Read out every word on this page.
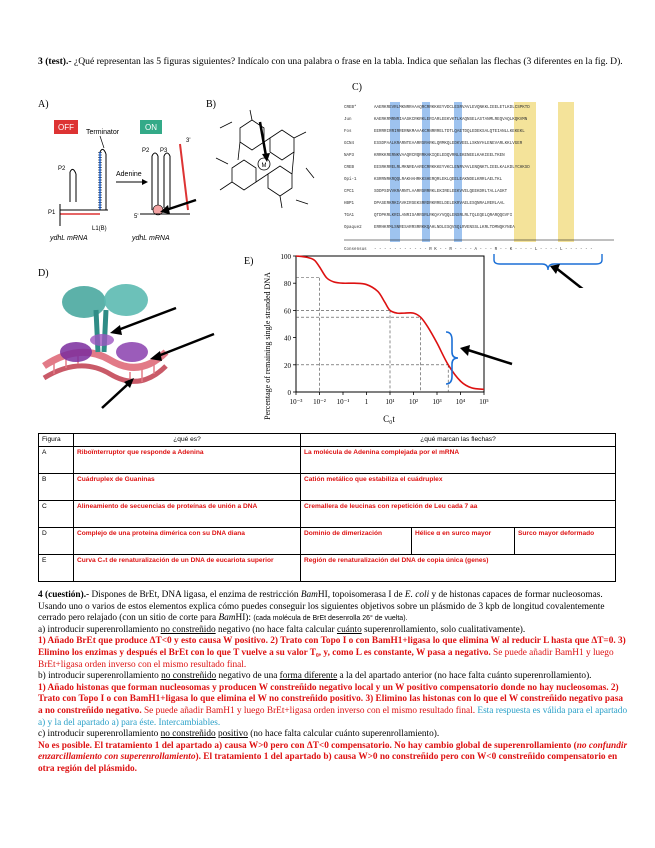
3 (test).- ¿Qué representan las 5 figuras siguientes? Indícalo con una palabra o frase en la tabla. Indica que señalan las flechas (3 diferentes en la fig. D).
A)	B)
C)
D)
E)
OFF	ON
Terminator
P2
P1
L1(B)
ydhL mRNA
Adenine
P2 P3
3'
5'
ydhL mRNA
M
CREB*	AAERKREVRLMKNRRAAAQRCRRKKKEYVDCLESRVAVLEVQNKKLIEELETLKDLCSPKTD
Jun	KAERKRMRNRIAASKCRKRKLERIARLEEKVKTLKAQNSELASTANMLREQVAQLKQKVMN
Fos	EERRRIRRIRRERNKMAAAKCRNRRRELTDTLQAETDQLEDEKSALQTEIANLLKEKEKL
GCN4	ESSDPAALKRARNTEAARRSRARKLQRMKQLEDKVEELLSKNYHLENEVARLKKLVGER
NAP3	KRRKKRERNKVAAQRCRQRRKAKIQELEDQVRNLEKENEELKAKIEELTKEN
CREB	EESRKRRELRLMKNREAARECRRKKKEYVKCLENRVAVLENQNKTLIEELKALKDLYCHKSD
Opi-1	KSRRNRKRQQLRAKHAHRKKSHERQRLEKLQEELEAKNDELKRRLAELTKL
CPC1	SDDPSDVVKRARNTLAARRSRRRKLEKIRELEEKVVELQEEKDRLTALLAGKT
HBP1	DPASERKRKIAVKIRSEKSRRDRKRRELDELEKRVAELESQNRALRERLAAL
TGA1	QTDPKRLKRILANRISARRSRLRKQAYVQQLENSRLRLTQLEQELQRARQQGVFI
Opaque2	ERRHKRMLSNRESARRSRRKKQAHLNDLESQVSQLRVENSSLLKRLTDMNQKYNEA
Consensus - - - - - - - - - - - R K - - R - - - - A - - - R - - K - - - - L - - - - L - - - - - -
Percentage of remaining single stranded DNA	C₀t
100
80
60
40
20
0
10⁻³ 10⁻² 10⁻¹ 1 10¹ 10² 10³ 10⁴ 10⁵
Figura	¿qué es?	¿qué marcan las flechas?		
A	Riboïnterruptor que responde a Adenina	La molécula de Adenina complejada por el mRNA		
B	Cuádruplex de Guaninas	Catión metálico que estabiliza el cuádruplex		
C	Alineamiento de secuencias de proteínas de unión a DNA	Cremallera de leucinas con repetición de Leu cada 7 aa		
D	Complejo de una proteína dimérica con su DNA diana	Dominio de dimerización	Hélice α en surco mayor	Surco mayor deformado
E	Curva C₀t de renaturalización de un DNA de eucariota superior	Región de renaturalización del DNA de copia única (genes)		

4 (cuestión).- Dispones de BrEt, DNA ligasa, el enzima de restricción BamHI, topoisomerasa I de E. coli y de histonas capaces de formar nucleosomas. Usando uno o varios de estos elementos explica cómo puedes conseguir los siguientes objetivos sobre un plásmido de 3 kpb de longitud covalentemente cerrado pero relajado (con un sitio de corte para BamHI): (cada molécula de BrEt desenrolla 26° de vuelta).

a) introducir superenrollamiento no constreñido negativo (no hace falta calcular cuánto superenrollamiento, solo cualitativamente).

1) Añado BrEt que produce ΔT<0 y esto causa W positivo. 2) Trato con Topo I o con BamH1+ligasa lo que elimina W al reducir L hasta que ΔT=0. 3) Elimino los enzimas y después el BrEt con lo que T vuelve a su valor T₀, y, como L es constante, W pasa a negativo. Se puede añadir BamH1 y luego BrEt+ligasa orden inverso con el mismo resultado final.

b) introducir superenrollamiento no constreñido negativo de una forma diferente a la del apartado anterior (no hace falta cuánto superenrollamiento).

1) Añado histonas que forman nucleosomas y producen W constreñido negativo local y un W positivo compensatorio donde no hay nucleosomas. 2) Trato con Topo I o con BamH1+ligasa lo que elimina el W no constreñido positivo. 3) Elimino las histonas con lo que el W constreñido negativo pasa a no constreñido negativo. Se puede añadir BamH1 y luego BrEt+ligasa orden inverso con el mismo resultado final. Esta respuesta es válida para el apartado a) y la del apartado a) para éste. Intercambiables.

c) introducir superenrollamiento no constreñido positivo (no hace falta calcular cuánto superenrollamiento).

No es posible. El tratamiento 1 del apartado a) causa W>0 pero con ΔT<0 compensatorio. No hay cambio global de superenrollamiento (no confundir enzarcillamiento con superenrollamiento). El tratamiento 1 del apartado b) causa W>0 no constreñido pero con W<0 constreñido compensatorio en otra región del plásmido.
